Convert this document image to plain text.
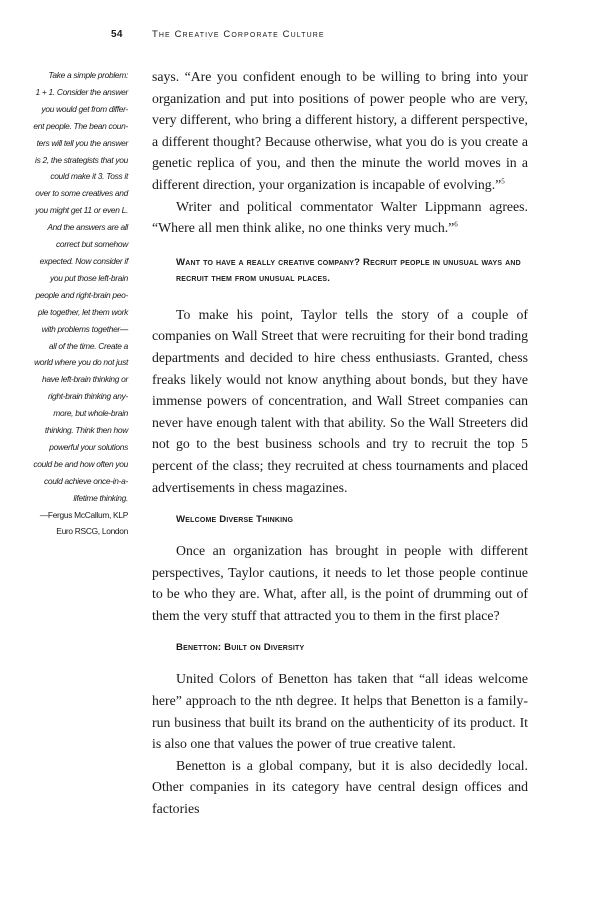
54	The Creative Corporate Culture
Take a simple problem:
1 + 1. Consider the answer
you would get from differ-
ent people. The bean coun-
ters will tell you the answer
is 2, the strategists that you
could make it 3. Toss it
over to some creatives and
you might get 11 or even L.
And the answers are all
correct but somehow
expected. Now consider if
you put those left-brain
people and right-brain peo-
ple together, let them work
with problems together—
all of the time. Create a
world where you do not just
have left-brain thinking or
right-brain thinking any-
more, but whole-brain
thinking. Think then how
powerful your solutions
could be and how often you
could achieve once-in-a-
lifetime thinking.
—Fergus McCallum, KLP
Euro RSCG, London

says. “Are you confident enough to be willing to bring into your organization and put into positions of power people who are very, very different, who bring a different history, a different perspective, a different thought? Because otherwise, what you do is you create a genetic replica of you, and then the minute the world moves in a different direction, your organization is incapable of evolving.”$^5$

Writer and political commentator Walter Lippmann agrees. “Where all men think alike, no one thinks very much.”$^6$

Want to have a really creative company? Recruit people in unusual ways and recruit them from unusual places.

To make his point, Taylor tells the story of a couple of companies on Wall Street that were recruiting for their bond trading departments and decided to hire chess enthusiasts. Granted, chess freaks likely would not know anything about bonds, but they have immense powers of concentration, and Wall Street companies can never have enough talent with that ability. So the Wall Streeters did not go to the best business schools and try to recruit the top 5 percent of the class; they recruited at chess tournaments and placed advertisements in chess magazines.

Welcome Diverse Thinking

Once an organization has brought in people with different perspectives, Taylor cautions, it needs to let those people continue to be who they are. What, after all, is the point of drumming out of them the very stuff that attracted you to them in the first place?

Benetton: Built on Diversity

United Colors of Benetton has taken that “all ideas welcome here” approach to the nth degree. It helps that Benetton is a family-run business that built its brand on the authenticity of its product. It is also one that values the power of true creative talent.

Benetton is a global company, but it is also decidedly local. Other companies in its category have central design offices and factories
